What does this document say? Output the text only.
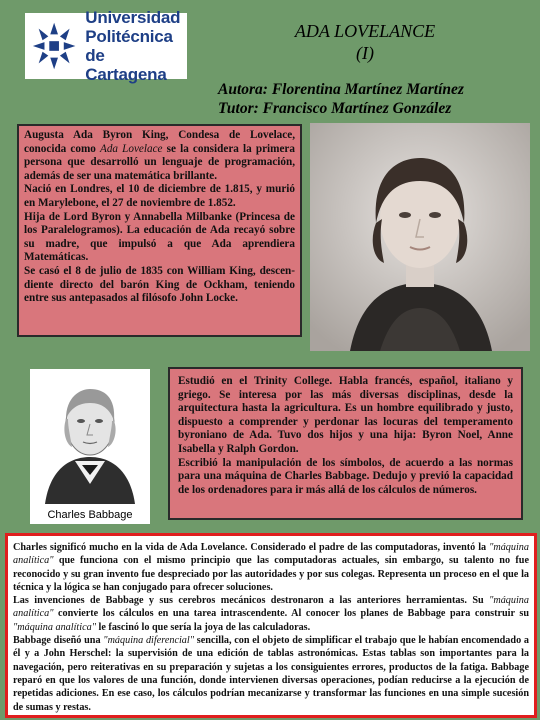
Universidad
Politécnica
de Cartagena
ADA LOVELANCE
(I)
Autora: Florentina Martínez Martínez
Tutor: Francisco Martínez González

Augusta Ada Byron King, Condesa de Lovelace, conocida como Ada Lovelace se la considera la primera persona que desarrolló un lenguaje de programación, además de ser una matemática brillante.

Nació en Londres, el 10 de diciembre de 1.815, y murió en Marylebone, el 27 de noviembre de 1.852.

Hija de Lord Byron y Annabella Milbanke (Princesa de los Paralelogramos). La educación de Ada recayó sobre su madre, que impulsó a que Ada aprendiera Matemáticas.

Se casó el 8 de julio de 1835 con William King, descen-diente directo del barón King de Ockham, teniendo entre sus antepasados al filósofo John Locke.

Charles Babbage

Estudió en el Trinity College. Habla francés, español, italiano y griego. Se interesa por las más diversas disciplinas, desde la arquitectura hasta la agricultura. Es un hombre equilibrado y justo, dispuesto a comprender y perdonar las locuras del temperamento byroniano de Ada. Tuvo dos hijos y una hija: Byron Noel, Anne Isabella y Ralph Gordon.

Escribió la manipulación de los símbolos, de acuerdo a las normas para una máquina de Charles Babbage. Dedujo y previó la capacidad de los ordenadores para ir más allá de los cálculos de números.

Charles significó mucho en la vida de Ada Lovelance. Considerado el padre de las computadoras, inventó la "máquina analítica" que funciona con el mismo principio que las computadoras actuales, sin embargo, su talento no fue reconocido y su gran invento fue despreciado por las autoridades y por sus colegas. Representa un proceso en el que la técnica y la lógica se han conjugado para ofrecer soluciones.

Las invenciones de Babbage y sus cerebros mecánicos destronaron a las anteriores herramientas. Su "máquina analítica" convierte los cálculos en una tarea intrascendente. Al conocer los planes de Babbage para construir su "máquina analítica" le fascinó lo que sería la joya de las calculadoras.

Babbage diseñó una "máquina diferencial" sencilla, con el objeto de simplificar el trabajo que le habían encomendado a él y a John Herschel: la supervisión de una edición de tablas astronómicas. Estas tablas son importantes para la navegación, pero reiterativas en su preparación y sujetas a los consiguientes errores, productos de la fatiga. Babbage reparó en que los valores de una función, donde intervienen diversas operaciones, podían reducirse a la ejecución de repetidas adiciones. En ese caso, los cálculos podrían mecanizarse y transformar las funciones en una simple sucesión de sumas y restas.
